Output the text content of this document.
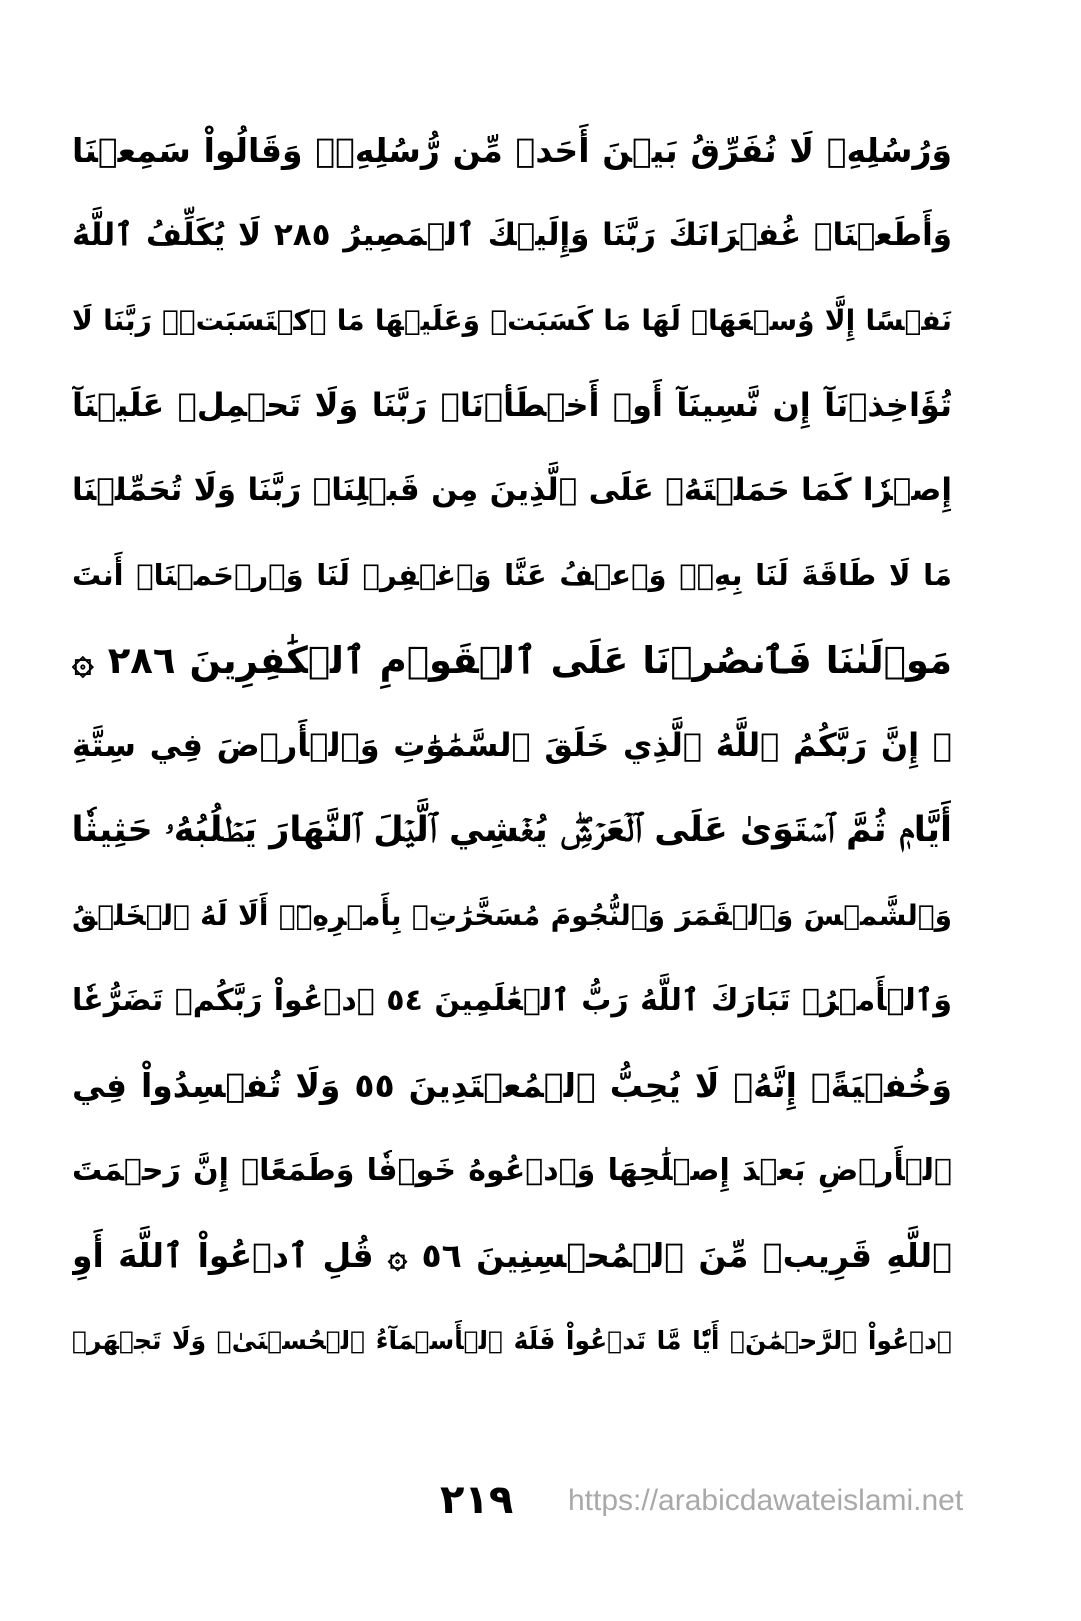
وَرُسُلِهِۦ لَا نُفَرِّقُ بَيۡنَ أَحَدٖ مِّن رُّسُلِهِۦۚ وَقَالُواْ سَمِعۡنَا
وَأَطَعۡنَاۖ غُفۡرَانَكَ رَبَّنَا وَإِلَيۡكَ ٱلۡمَصِيرُ ٢٨٥ لَا يُكَلِّفُ ٱللَّهُ
نَفۡسًا إِلَّا وُسۡعَهَاۚ لَهَا مَا كَسَبَتۡ وَعَلَيۡهَا مَا ٱكۡتَسَبَتۡۗ رَبَّنَا لَا
تُؤَاخِذۡنَآ إِن نَّسِينَآ أَوۡ أَخۡطَأۡنَاۚ رَبَّنَا وَلَا تَحۡمِلۡ عَلَيۡنَآ
إِصۡرٗا كَمَا حَمَلۡتَهُۥ عَلَى ٱلَّذِينَ مِن قَبۡلِنَاۚ رَبَّنَا وَلَا تُحَمِّلۡنَا
مَا لَا طَاقَةَ لَنَا بِهِۦۖ وَٱعۡفُ عَنَّا وَٱغۡفِرۡ لَنَا وَٱرۡحَمۡنَاۚ أَنتَ
مَوۡلَىٰنَا فَٱنصُرۡنَا عَلَى ٱلۡقَوۡمِ ٱلۡكَٰفِرِينَ ٢٨٦ ۞
۞ إِنَّ رَبَّكُمُ ٱللَّهُ ٱلَّذِي خَلَقَ ٱلسَّمَٰوَٰتِ وَٱلۡأَرۡضَ فِي سِتَّةِ
أَيَّامٖ ثُمَّ ٱسۡتَوَىٰ عَلَى ٱلۡعَرۡشِۖ يُغۡشِي ٱلَّيۡلَ ٱلنَّهَارَ يَطۡلُبُهُۥ حَثِيثٗا
وَٱلشَّمۡسَ وَٱلۡقَمَرَ وَٱلنُّجُومَ مُسَخَّرَٰتِۭ بِأَمۡرِهِۦٓۗ أَلَا لَهُ ٱلۡخَلۡقُ
وَٱلۡأَمۡرُۗ تَبَارَكَ ٱللَّهُ رَبُّ ٱلۡعَٰلَمِينَ ٥٤ ٱدۡعُواْ رَبَّكُمۡ تَضَرُّعٗا
وَخُفۡيَةًۚ إِنَّهُۥ لَا يُحِبُّ ٱلۡمُعۡتَدِينَ ٥٥ وَلَا تُفۡسِدُواْ فِي
ٱلۡأَرۡضِ بَعۡدَ إِصۡلَٰحِهَا وَٱدۡعُوهُ خَوۡفٗا وَطَمَعًاۚ إِنَّ رَحۡمَتَ
ٱللَّهِ قَرِيبٞ مِّنَ ٱلۡمُحۡسِنِينَ ٥٦ ۞ قُلِ ٱدۡعُواْ ٱللَّهَ أَوِ
ٱدۡعُواْ ٱلرَّحۡمَٰنَۖ أَيّٗا مَّا تَدۡعُواْ فَلَهُ ٱلۡأَسۡمَآءُ ٱلۡحُسۡنَىٰۚ وَلَا تَجۡهَرۡ
٢١٩ https://arabicdawateislami.net
